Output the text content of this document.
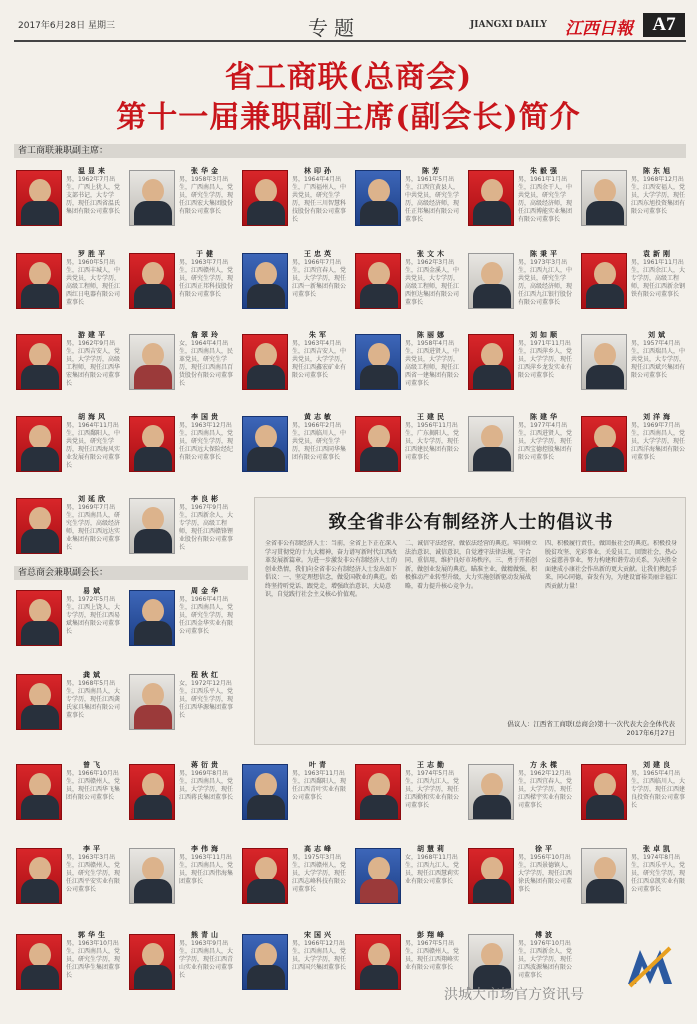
2017年6月28日 星期三	专题	JIANGXI DAILY 江西日報	A7
省工商联(总商会)
第十一届兼职副主席(副会长)简介
省工商联兼职副主席：
省总商会兼职副会长：
温显来
男，1962年7月出生，广西上犹人，党支部书记，大专学历，现任江西省温氏集团有限公司董事长
张华金
男，1958年3月出生，广西南昌人，党员，研究生学历，现任江西宏大集团股份有限公司董事长
林印孙
男，1964年4月出生，广西福州人，中共党员，研究生学历，现任三川智慧科技股份有限公司董事长
陈芳
男，1961年5月出生，江西宜黄县人，中共党员，研究生学历，高级经济师，现任正邦集团有限公司董事长
朱毅强
男，1961年1月出生，江西余干人，中共党员，研究生学历，高级经济师，现任江西博能实业集团有限公司董事长
陈东旭
男，1968年12月出生，江西安福人，党员，大学学历，现任江西东旭投资集团有限公司董事长
罗胜平
男，1960年5月出生，江西丰城人，中共党员，大专学历，高级工程师，现任江西红日电器有限公司董事长
于健
男，1963年7月出生，江西赣州人，党员，研究生学历，现任江西正邦科技股份有限公司董事长
王忠英
男，1966年7月出生，江西宜春人，党员，大学学历，现任江西一新集团有限公司董事长
张文木
男，1962年3月出生，江西金溪人，中共党员，大专学历，高级工程师，现任江西恒达集团有限公司董事长
陈秉平
男，1973年3月出生，江西九江人，中共党员，研究生学历，高级经济师，现任江西九江银行股份有限公司董事长
袁新刚
男，1961年11月出生，江西余江人，大专学历，高级工程师，现任江西新余钢铁有限公司董事长
游建平
男，1962年9月出生，江西吉安人，党员，大学学历，高级工程师，现任江西华宏集团有限公司董事长
詹翠玲
女，1964年4月出生，江西南昌人，民革党员，研究生学历，现任江西南昌百货股份有限公司董事长
朱军
男，1963年4月出生，江西吉安人，中共党员，大学学历，现任江西鑫宏矿业有限公司董事长
陈丽娜
男，1958年4月出生，江西进贤人，中共党员，大学学历，高级工程师，现任江西省一建集团有限公司董事长
刘如顺
男，1971年11月出生，江西萍乡人，党员，大学学历，现任江西萍乡龙发实业有限公司董事长
刘斌
男，1957年4月出生，江西瑞昌人，中共党员，大专学历，现任江西斌兴集团有限公司董事长
胡海风
男，1964年11月出生，江西鄱阳人，中共党员，研究生学历，现任江西海风实业发展有限公司董事长
李国贵
男，1963年12月出生，江西南昌人，党员，研究生学历，现任江西远大保险经纪有限公司董事长
黄志敏
男，1966年2月出生，江西临川人，中共党员，研究生学历，现任江西同华集团有限公司董事长
王建民
男，1956年11月出生，广东揭阳人，党员，大专学历，现任江西建民集团有限公司董事长
陈建华
男，1977年4月出生，江西进贤人，党员，大学学历，现任江西宝德控股集团有限公司董事长
刘洋海
男，1969年7月出生，江西南昌人，党员，大学学历，现任江西洋海集团有限公司董事长
刘延欣
男，1969年7月出生，江西南昌人，研究生学历，高级经济师，现任江西远达实业集团有限公司董事长
李良彬
男，1967年9月出生，江西新余人，大专学历，高级工程师，现任江西赣锋锂业股份有限公司董事长
易斌
男，1972年5月出生，江西上饶人，大专学历，现任江西易斌集团有限公司董事长
周金华
男，1966年4月出生，江西南昌人，党员，研究生学历，现任江西金华实业有限公司董事长
龚斌
男，1968年5月出生，江西南昌人，大专学历，现任江西龚氏家具集团有限公司董事长
程秋红
女，1972年12月出生，江西乐平人，党员，研究生学历，现任江西华源集团董事长
曾飞
男，1966年10月出生，江西赣州人，党员，现任江西华飞集团有限公司董事长
蒋衍贵
男，1969年8月出生，江西南昌人，党员，大学学历，现任江西蒋氏集团董事长
叶青
男，1963年11月出生，江西鄱阳人，现任江西青叶实业有限公司董事长
王志勤
男，1974年5月出生，江西九江人，党员，大学学历，现任江西勤和实业有限公司董事长
方永樑
男，1962年12月出生，江西宜春人，党员，大学学历，现任江西樑宇实业有限公司董事长
刘建良
男，1965年4月出生，江西临川人，大专学历，现任江西建良投资有限公司董事长
李平
男，1963年3月出生，江西赣州人，党员，研究生学历，现任江西平安实业有限公司董事长
李伟海
男，1963年11月出生，江西南昌人，党员，现任江西伟海集团董事长
高志峰
男，1975年3月出生，江西赣州人，党员，大学学历，现任江西志峰科技有限公司董事长
胡慧莉
女，1968年11月出生，江西九江人，党员，现任江西慧莉实业有限公司董事长
徐平
男，1956年10月出生，江西景德镇人，大学学历，现任江西徐氏集团有限公司董事长
张卓凯
男，1974年8月出生，江西乐平人，党员，研究生学历，现任江西卓凯实业有限公司董事长
郭华生
男，1963年10月出生，江西南昌人，党员，研究生学历，现任江西华生集团董事长
熊青山
男，1963年9月出生，江西南昌人，大学学历，现任江西青山实业有限公司董事长
宋国兴
男，1966年12月出生，江西南昌人，党员，大学学历，现任江西国兴集团董事长
彭翔峰
男，1967年5月出生，江西赣州人，党员，现任江西翔峰实业有限公司董事长
傅波
男，1976年10月出生，江西新余人，党员，大学学历，现任江西波源集团有限公司董事长
致全省非公有制经济人士的倡议书
全省非公有制经济人士：当前，全省上下正在深入学习贯彻党的十九大精神，奋力谱写新时代江西改革发展新篇章。为进一步激发非公有制经济人士的创业热情，我们向全省非公有制经济人士发出如下倡议：一、坚定理想信念，做爱国敬业的典范。始终坚持听党话、跟党走，增强政治意识、大局意识，自觉践行社会主义核心价值观。
二、诚信守法经营，做依法经营的典范。牢固树立法治意识、诚信意识，自觉遵守法律法规，守合同、重信用，维护良好市场秩序。三、勇于开拓创新，做创业发展的典范。瞄准主业，做精做强，积极推动产业转型升级，大力实施创新驱动发展战略，着力提升核心竞争力。
四、积极履行责任，做回报社会的典范。积极投身脱贫攻坚、光彩事业，关爱员工，回馈社会，热心公益慈善事业，努力构建和谐劳动关系，为决胜全面建成小康社会作出新的更大贡献。让我们携起手来，同心同德，奋发有为，为建设富裕美丽幸福江西贡献力量！
倡议人：江西省工商联(总商会)第十一次代表大会全体代表
2017年6月27日
洪城大市场官方资讯号
